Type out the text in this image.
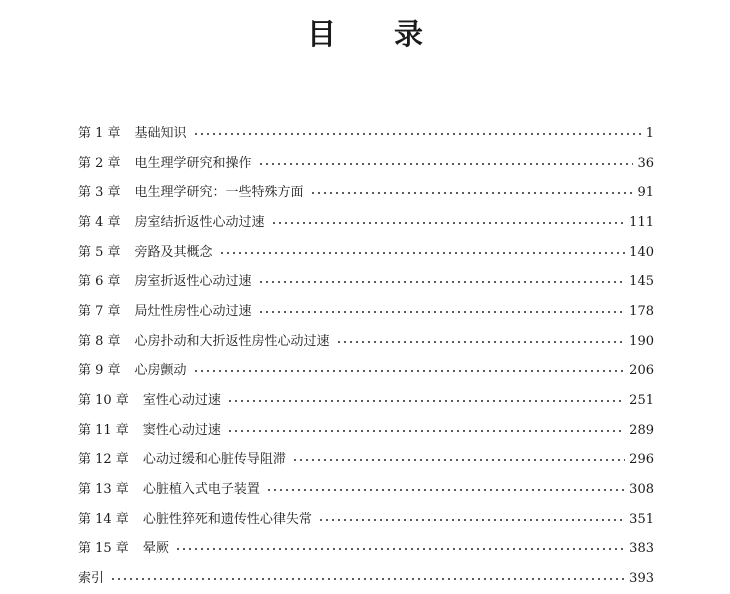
目 录
第 1 章 基础知识	1
第 2 章 电生理学研究和操作	36
第 3 章 电生理学研究：一些特殊方面	91
第 4 章 房室结折返性心动过速	111
第 5 章 旁路及其概念	140
第 6 章 房室折返性心动过速	145
第 7 章 局灶性房性心动过速	178
第 8 章 心房扑动和大折返性房性心动过速	190
第 9 章 心房颤动	206
第 10 章 室性心动过速	251
第 11 章 窦性心动过速	289
第 12 章 心动过缓和心脏传导阻滞	296
第 13 章 心脏植入式电子装置	308
第 14 章 心脏性猝死和遗传性心律失常	351
第 15 章 晕厥	383
索引	393
